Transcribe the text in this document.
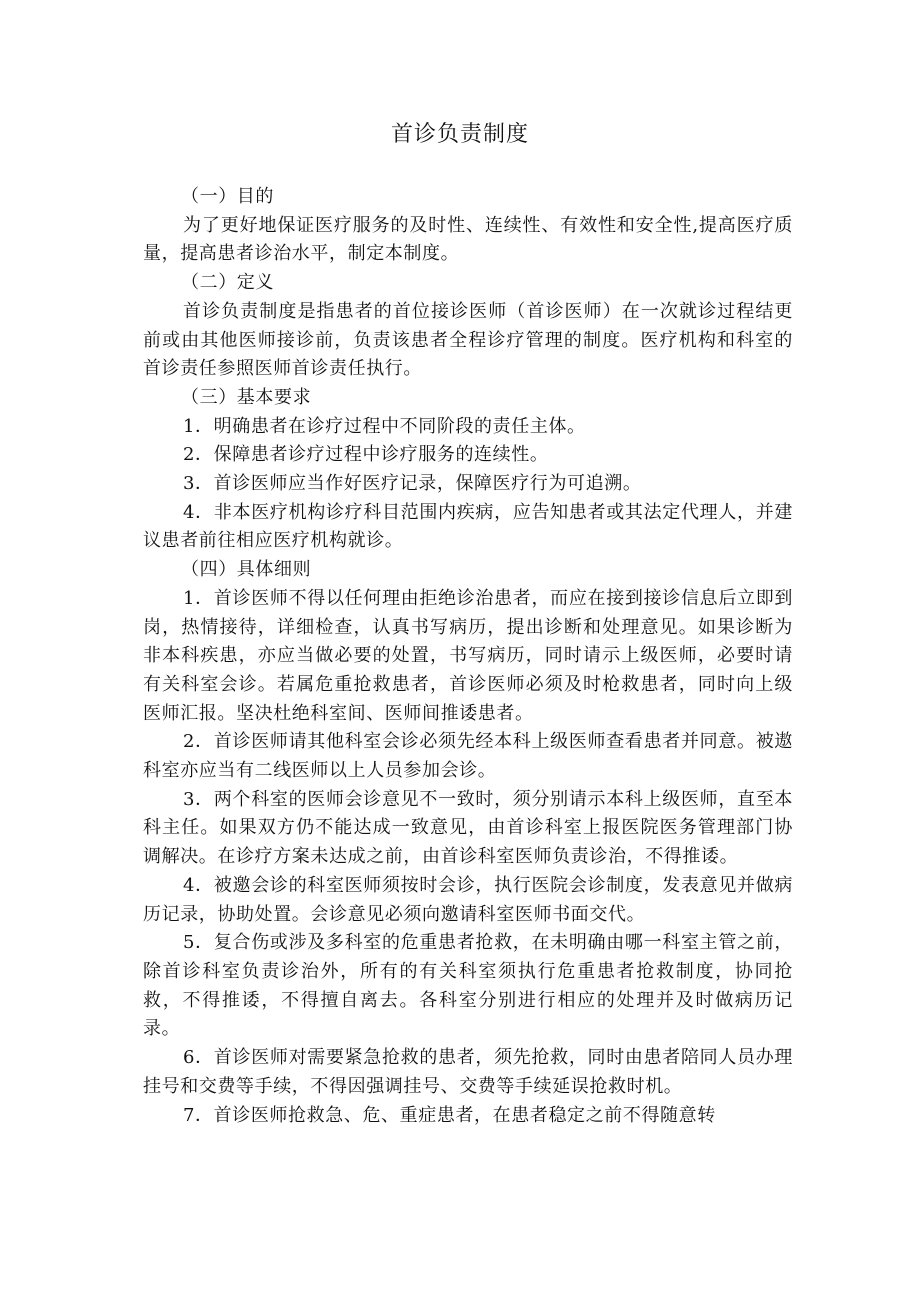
首诊负责制度

（一）目的

为了更好地保证医疗服务的及时性、连续性、有效性和安全性,提高医疗质量，提高患者诊治水平，制定本制度。

（二）定义

首诊负责制度是指患者的首位接诊医师（首诊医师）在一次就诊过程结更前或由其他医师接诊前，负责该患者全程诊疗管理的制度。医疗机构和科室的首诊责任参照医师首诊责任执行。

（三）基本要求

1．明确患者在诊疗过程中不同阶段的责任主体。

2．保障患者诊疗过程中诊疗服务的连续性。

3．首诊医师应当作好医疗记录，保障医疗行为可追溯。

4．非本医疗机构诊疗科目范围内疾病，应告知患者或其法定代理人，并建议患者前往相应医疗机构就诊。

（四）具体细则

1．首诊医师不得以任何理由拒绝诊治患者，而应在接到接诊信息后立即到岗，热情接待，详细检查，认真书写病历，提出诊断和处理意见。如果诊断为非本科疾患，亦应当做必要的处置，书写病历，同时请示上级医师，必要时请有关科室会诊。若属危重抢救患者，首诊医师必须及时枪救患者，同时向上级医师汇报。坚决杜绝科室间、医师间推诿患者。

2．首诊医师请其他科室会诊必须先经本科上级医师查看患者并同意。被遨科室亦应当有二线医师以上人员参加会诊。

3．两个科室的医师会诊意见不一致时，须分别请示本科上级医师，直至本科主任。如果双方仍不能达成一致意见，由首诊科室上报医院医务管理部门协调解决。在诊疗方案未达成之前，由首诊科室医师负责诊治，不得推诿。

4．被邀会诊的科室医师须按时会诊，执行医院会诊制度，发表意见并做病历记录，协助处置。会诊意见必须向邀请科室医师书面交代。

5．复合伤或涉及多科室的危重患者抢救，在未明确由哪一科室主管之前，除首诊科室负责诊治外，所有的有关科室须执行危重患者抢救制度，协同抢救，不得推诿，不得擅自离去。各科室分别进行相应的处理并及时做病历记录。

6．首诊医师对需要紧急抢救的患者，须先抢救，同时由患者陪同人员办理挂号和交费等手续，不得因强调挂号、交费等手续延误抢救时机。

7．首诊医师抢救急、危、重症患者，在患者稳定之前不得随意转
